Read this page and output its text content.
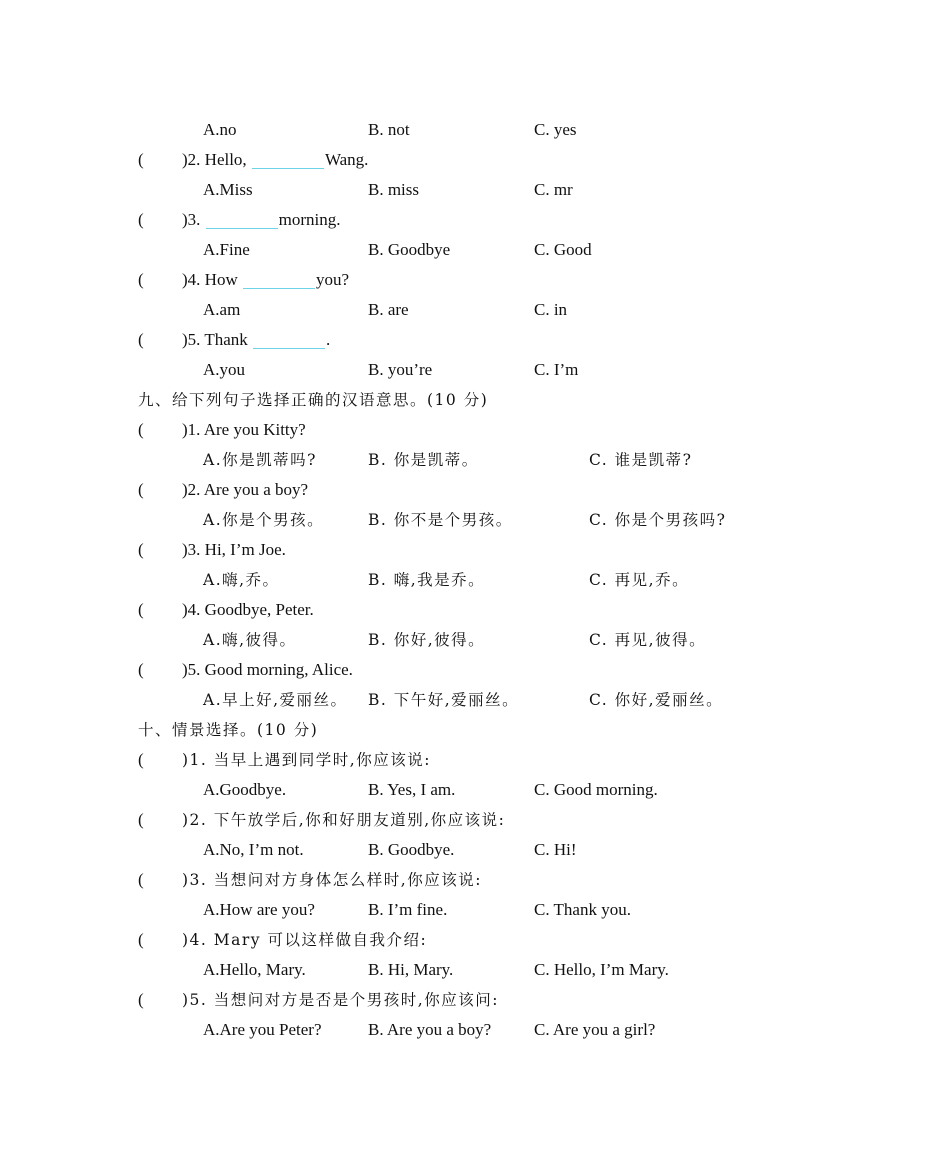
A.no	B. not	C. yes
( )2. Hello,	Wang.
A.Miss	B. miss	C. mr
( )3.	morning.
A.Fine	B. Goodbye	C. Good
( )4. How	you?
A.am	B. are	C. in
( )5. Thank	.
A.you	B. you’re	C. I’m
九、给下列句子选择正确的汉语意思。(10 分)
( )1. Are you Kitty?
A.你是凯蒂吗?	B. 你是凯蒂。	C. 谁是凯蒂?
( )2. Are you a boy?
A.你是个男孩。	B. 你不是个男孩。	C. 你是个男孩吗?
( )3. Hi, I’m Joe.
A.嗨,乔。	B. 嗨,我是乔。	C. 再见,乔。
( )4. Goodbye, Peter.
A.嗨,彼得。	B. 你好,彼得。	C. 再见,彼得。
( )5. Good morning, Alice.
A.早上好,爱丽丝。 B. 下午好,爱丽丝。	C. 你好,爱丽丝。
十、情景选择。(10 分)
( )1. 当早上遇到同学时,你应该说:
A.Goodbye.	B. Yes, I am.	C. Good morning.
( )2. 下午放学后,你和好朋友道别,你应该说:
A.No, I’m not.	B. Goodbye.	C. Hi!
( )3. 当想问对方身体怎么样时,你应该说:
A.How are you?	B. I’m fine.	C. Thank you.
( )4. Mary 可以这样做自我介绍:
A.Hello, Mary.	B. Hi, Mary.	C. Hello, I’m Mary.
( )5. 当想问对方是否是个男孩时,你应该问:
A.Are you Peter?	B. Are you a boy?	C. Are you a girl?
